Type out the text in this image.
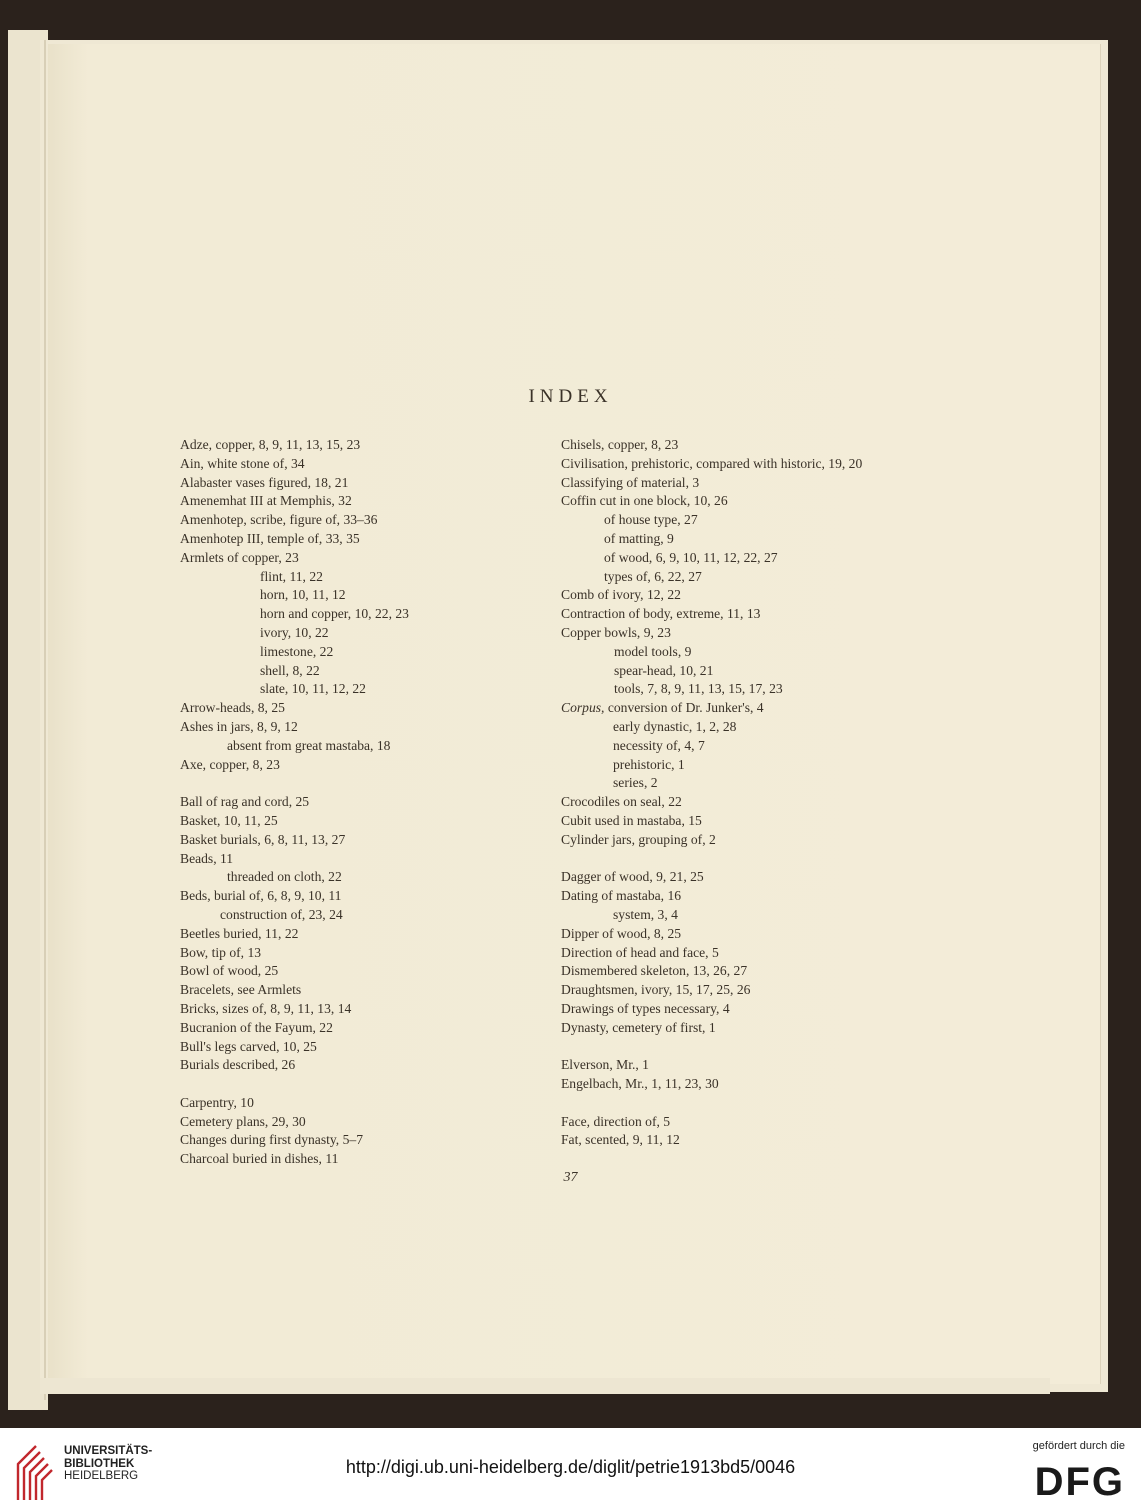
INDEX
Adze, copper, 8, 9, 11, 13, 15, 23
Ain, white stone of, 34
Alabaster vases figured, 18, 21
Amenemhat III at Memphis, 32
Amenhotep, scribe, figure of, 33–36
Amenhotep III, temple of, 33, 35
Armlets of copper, 23
flint, 11, 22
horn, 10, 11, 12
horn and copper, 10, 22, 23
ivory, 10, 22
limestone, 22
shell, 8, 22
slate, 10, 11, 12, 22
Arrow-heads, 8, 25
Ashes in jars, 8, 9, 12
absent from great mastaba, 18
Axe, copper, 8, 23
Ball of rag and cord, 25
Basket, 10, 11, 25
Basket burials, 6, 8, 11, 13, 27
Beads, 11
threaded on cloth, 22
Beds, burial of, 6, 8, 9, 10, 11
construction of, 23, 24
Beetles buried, 11, 22
Bow, tip of, 13
Bowl of wood, 25
Bracelets, see Armlets
Bricks, sizes of, 8, 9, 11, 13, 14
Bucranion of the Fayum, 22
Bull's legs carved, 10, 25
Burials described, 26
Carpentry, 10
Cemetery plans, 29, 30
Changes during first dynasty, 5–7
Charcoal buried in dishes, 11
Chisels, copper, 8, 23
Civilisation, prehistoric, compared with historic, 19, 20
Classifying of material, 3
Coffin cut in one block, 10, 26
of house type, 27
of matting, 9
of wood, 6, 9, 10, 11, 12, 22, 27
types of, 6, 22, 27
Comb of ivory, 12, 22
Contraction of body, extreme, 11, 13
Copper bowls, 9, 23
model tools, 9
spear-head, 10, 21
tools, 7, 8, 9, 11, 13, 15, 17, 23
Corpus, conversion of Dr. Junker's, 4
early dynastic, 1, 2, 28
necessity of, 4, 7
prehistoric, 1
series, 2
Crocodiles on seal, 22
Cubit used in mastaba, 15
Cylinder jars, grouping of, 2
Dagger of wood, 9, 21, 25
Dating of mastaba, 16
system, 3, 4
Dipper of wood, 8, 25
Direction of head and face, 5
Dismembered skeleton, 13, 26, 27
Draughtsmen, ivory, 15, 17, 25, 26
Drawings of types necessary, 4
Dynasty, cemetery of first, 1
Elverson, Mr., 1
Engelbach, Mr., 1, 11, 23, 30
Face, direction of, 5
Fat, scented, 9, 11, 12
37
UNIVERSITÄTS-
BIBLIOTHEK
HEIDELBERG	http://digi.ub.uni-heidelberg.de/diglit/petrie1913bd5/0046
gefördert durch die
DFG
